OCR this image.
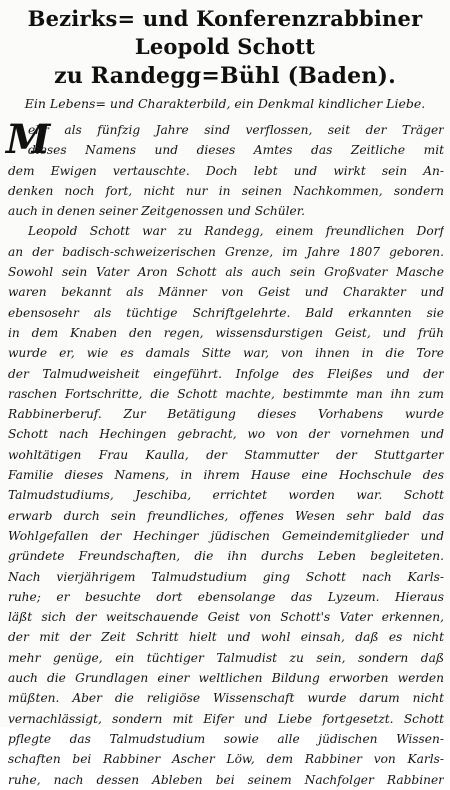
Bezirks= und Konferenzrabbiner
Leopold Schott
zu Randegg=Bühl (Baden).
Ein Lebens= und Charakterbild, ein Denkmal kindlicher Liebe.
M
ehr als fünfzig Jahre sind verflossen, seit der Träger
dieses Namens und dieses Amtes das Zeitliche mit
dem Ewigen vertauschte. Doch lebt und wirkt sein An-
denken noch fort, nicht nur in seinen Nachkommen, sondern
auch in denen seiner Zeitgenossen und Schüler.
Leopold Schott war zu Randegg, einem freundlichen Dorf
an der badisch-schweizerischen Grenze, im Jahre 1807 geboren.
Sowohl sein Vater Aron Schott als auch sein Großvater Masche
waren bekannt als Männer von Geist und Charakter und
ebensosehr als tüchtige Schriftgelehrte. Bald erkannten sie
in dem Knaben den regen, wissensdurstigen Geist, und früh
wurde er, wie es damals Sitte war, von ihnen in die Tore
der Talmudweisheit eingeführt. Infolge des Fleißes und der
raschen Fortschritte, die Schott machte, bestimmte man ihn zum
Rabbinerberuf. Zur Betätigung dieses Vorhabens wurde
Schott nach Hechingen gebracht, wo von der vornehmen und
wohltätigen Frau Kaulla, der Stammutter der Stuttgarter
Familie dieses Namens, in ihrem Hause eine Hochschule des
Talmudstudiums, Jeschiba, errichtet worden war. Schott
erwarb durch sein freundliches, offenes Wesen sehr bald das
Wohlgefallen der Hechinger jüdischen Gemeindemitglieder und
gründete Freundschaften, die ihn durchs Leben begleiteten.
Nach vierjährigem Talmudstudium ging Schott nach Karls-
ruhe; er besuchte dort ebensolange das Lyzeum. Hieraus
läßt sich der weitschauende Geist von Schott's Vater erkennen,
der mit der Zeit Schritt hielt und wohl einsah, daß es nicht
mehr genüge, ein tüchtiger Talmudist zu sein, sondern daß
auch die Grundlagen einer weltlichen Bildung erworben werden
müßten. Aber die religiöse Wissenschaft wurde darum nicht
vernachlässigt, sondern mit Eifer und Liebe fortgesetzt. Schott
pflegte das Talmudstudium sowie alle jüdischen Wissen-
schaften bei Rabbiner Ascher Löw, dem Rabbiner von Karls-
ruhe, nach dessen Ableben bei seinem Nachfolger Rabbiner
